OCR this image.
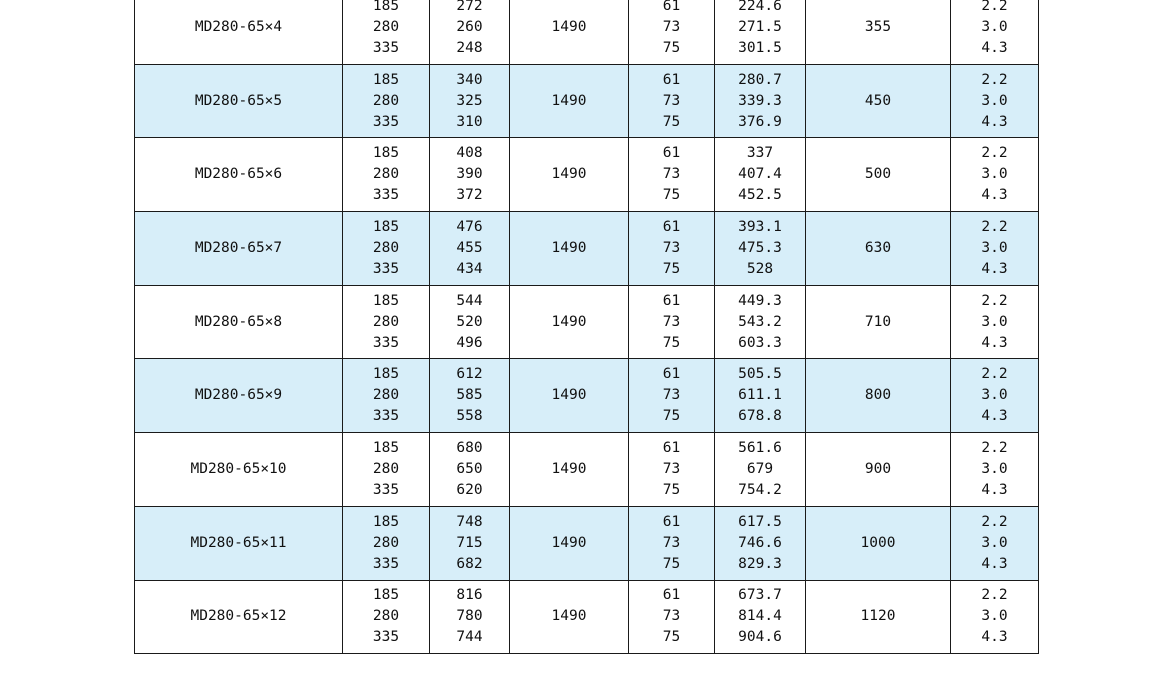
MD280-65×4	185
280
335	272
260
248	1490	61
73
75	224.6
271.5
301.5	355	2.2
3.0
4.3

MD280-65×5	185
280
335	340
325
310	1490	61
73
75	280.7
339.3
376.9	450	2.2
3.0
4.3

MD280-65×6	185
280
335	408
390
372	1490	61
73
75	337
407.4
452.5	500	2.2
3.0
4.3

MD280-65×7	185
280
335	476
455
434	1490	61
73
75	393.1
475.3
528	630	2.2
3.0
4.3

MD280-65×8	185
280
335	544
520
496	1490	61
73
75	449.3
543.2
603.3	710	2.2
3.0
4.3

MD280-65×9	185
280
335	612
585
558	1490	61
73
75	505.5
611.1
678.8	800	2.2
3.0
4.3

MD280-65×10	185
280
335	680
650
620	1490	61
73
75	561.6
679
754.2	900	2.2
3.0
4.3

MD280-65×11	185
280
335	748
715
682	1490	61
73
75	617.5
746.6
829.3	1000	2.2
3.0
4.3

MD280-65×12	185
280
335	816
780
744	1490	61
73
75	673.7
814.4
904.6	1120	2.2
3.0
4.3
